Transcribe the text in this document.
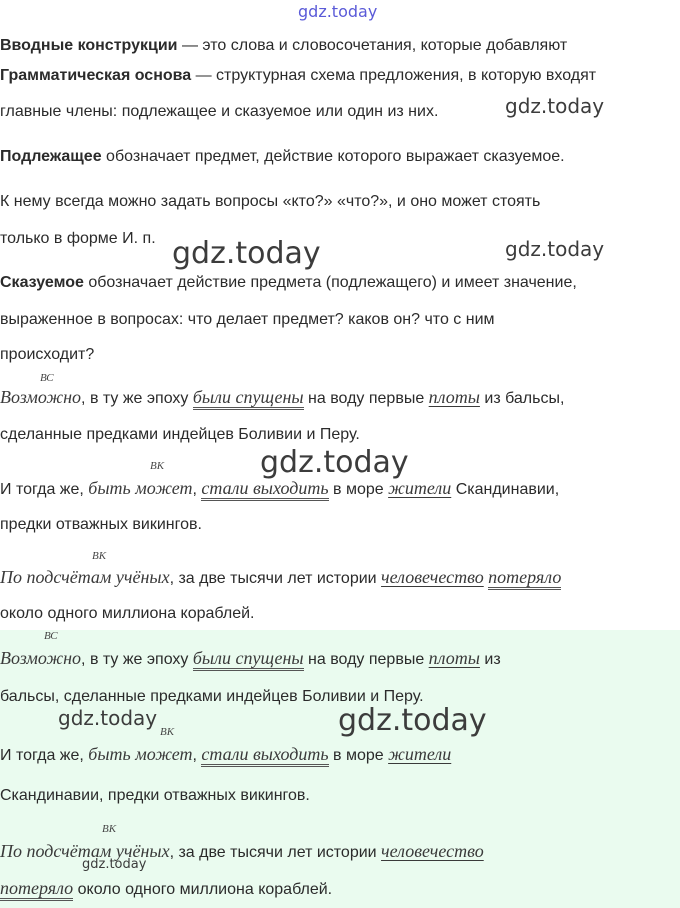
gdz.today
Вводные конструкции — это слова и словосочетания, которые добавляют
Грамматическая основа — структурная схема предложения, в которую входят
главные члены: подлежащее и сказуемое или один из них.	gdz.today
Подлежащее обозначает предмет, действие которого выражает сказуемое.
К нему всегда можно задать вопросы «кто?» «что?», и оно может стоять
только в форме И. п. gdz.today	gdz.today
Сказуемое обозначает действие предмета (подлежащего) и имеет значение,
выраженное в вопросах: что делает предмет? каков он? что с ним
происходит?
ВС
Возможно, в ту же эпоху были спущены на воду первые плоты из бальсы,
сделанные предками индейцев Боливии и Перу.
ВК	gdz.today
И тогда же, быть может, стали выходить в море жители Скандинавии,
предки отважных викингов.
ВК
По подсчётам учёных, за две тысячи лет истории человечество потеряло
около одного миллиона кораблей.
ВС
Возможно, в ту же эпоху были спущены на воду первые плоты из
бальсы, сделанные предками индейцев Боливии и Перу.
gdz.today
ВК	gdz.today
И тогда же, быть может, стали выходить в море жители
Скандинавии, предки отважных викингов.
ВК
По подсчётам учёных, за две тысячи лет истории человечество
gdz.today
потеряло около одного миллиона кораблей.
